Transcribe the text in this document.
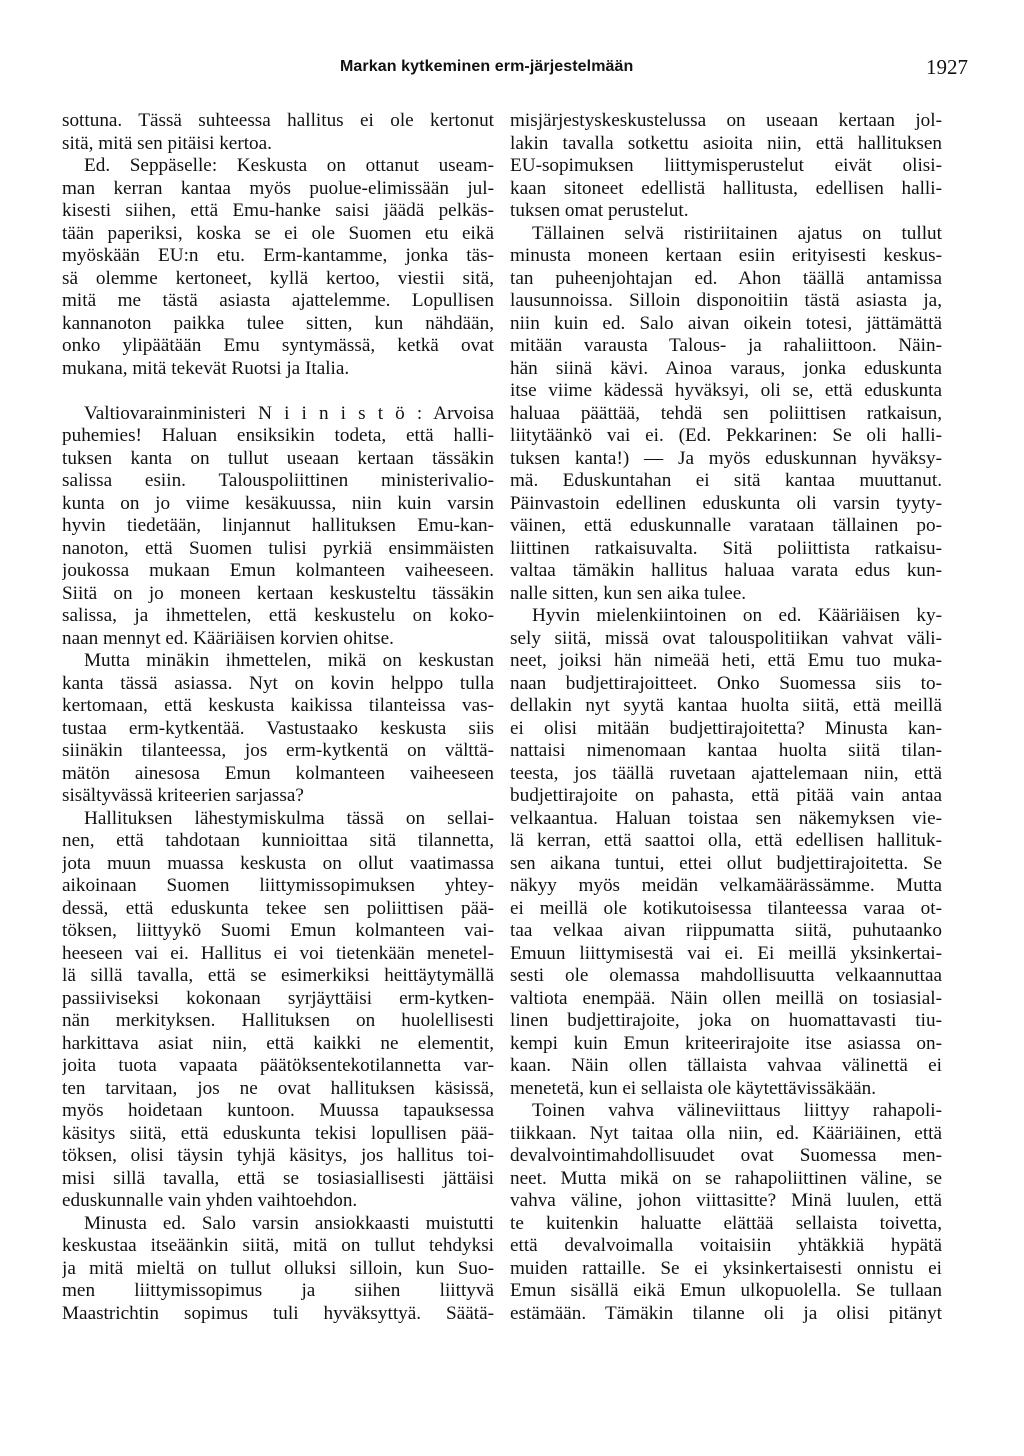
Markan kytkeminen erm-järjestelmään	1927
sottuna. Tässä suhteessa hallitus ei ole kertonut
sitä, mitä sen pitäisi kertoa.
Ed. Seppäselle: Keskusta on ottanut useam-
man kerran kantaa myös puolue-elimissään jul-
kisesti siihen, että Emu-hanke saisi jäädä pelkäs-
tään paperiksi, koska se ei ole Suomen etu eikä
myöskään EU:n etu. Erm-kantamme, jonka täs-
sä olemme kertoneet, kyllä kertoo, viestii sitä,
mitä me tästä asiasta ajattelemme. Lopullisen
kannanoton paikka tulee sitten, kun nähdään,
onko ylipäätään Emu syntymässä, ketkä ovat
mukana, mitä tekevät Ruotsi ja Italia.
Valtiovarainministeri N i i n i s t ö : Arvoisa
puhemies! Haluan ensiksikin todeta, että halli-
tuksen kanta on tullut useaan kertaan tässäkin
salissa esiin. Talouspoliittinen ministerivalio-
kunta on jo viime kesäkuussa, niin kuin varsin
hyvin tiedetään, linjannut hallituksen Emu-kan-
nanoton, että Suomen tulisi pyrkiä ensimmäisten
joukossa mukaan Emun kolmanteen vaiheeseen.
Siitä on jo moneen kertaan keskusteltu tässäkin
salissa, ja ihmettelen, että keskustelu on koko-
naan mennyt ed. Kääriäisen korvien ohitse.
Mutta minäkin ihmettelen, mikä on keskustan
kanta tässä asiassa. Nyt on kovin helppo tulla
kertomaan, että keskusta kaikissa tilanteissa vas-
tustaa erm-kytkentää. Vastustaako keskusta siis
siinäkin tilanteessa, jos erm-kytkentä on välttä-
mätön ainesosa Emun kolmanteen vaiheeseen
sisältyvässä kriteerien sarjassa?
Hallituksen lähestymiskulma tässä on sellai-
nen, että tahdotaan kunnioittaa sitä tilannetta,
jota muun muassa keskusta on ollut vaatimassa
aikoinaan Suomen liittymissopimuksen yhtey-
dessä, että eduskunta tekee sen poliittisen pää-
töksen, liittyykö Suomi Emun kolmanteen vai-
heeseen vai ei. Hallitus ei voi tietenkään menetel-
lä sillä tavalla, että se esimerkiksi heittäytymällä
passiiviseksi kokonaan syrjäyttäisi erm-kytken-
nän merkityksen. Hallituksen on huolellisesti
harkittava asiat niin, että kaikki ne elementit,
joita tuota vapaata päätöksentekotilannetta var-
ten tarvitaan, jos ne ovat hallituksen käsissä,
myös hoidetaan kuntoon. Muussa tapauksessa
käsitys siitä, että eduskunta tekisi lopullisen pää-
töksen, olisi täysin tyhjä käsitys, jos hallitus toi-
misi sillä tavalla, että se tosiasiallisesti jättäisi
eduskunnalle vain yhden vaihtoehdon.
Minusta ed. Salo varsin ansiokkaasti muistutti
keskustaa itseäänkin siitä, mitä on tullut tehdyksi
ja mitä mieltä on tullut olluksi silloin, kun Suo-
men liittymissopimus ja siihen liittyvä
Maastrichtin sopimus tuli hyväksyttyä. Säätä-
misjärjestyskeskustelussa on useaan kertaan jol-
lakin tavalla sotkettu asioita niin, että hallituksen
EU-sopimuksen liittymisperustelut eivät olisi-
kaan sitoneet edellistä hallitusta, edellisen halli-
tuksen omat perustelut.
Tällainen selvä ristiriitainen ajatus on tullut
minusta moneen kertaan esiin erityisesti keskus-
tan puheenjohtajan ed. Ahon täällä antamissa
lausunnoissa. Silloin disponoitiin tästä asiasta ja,
niin kuin ed. Salo aivan oikein totesi, jättämättä
mitään varausta Talous- ja rahaliittoon. Näin-
hän siinä kävi. Ainoa varaus, jonka eduskunta
itse viime kädessä hyväksyi, oli se, että eduskunta
haluaa päättää, tehdä sen poliittisen ratkaisun,
liitytäänkö vai ei. (Ed. Pekkarinen: Se oli halli-
tuksen kanta!) — Ja myös eduskunnan hyväksy-
mä. Eduskuntahan ei sitä kantaa muuttanut.
Päinvastoin edellinen eduskunta oli varsin tyyty-
väinen, että eduskunnalle varataan tällainen po-
liittinen ratkaisuvalta. Sitä poliittista ratkaisu-
valtaa tämäkin hallitus haluaa varata edus kun-
nalle sitten, kun sen aika tulee.
Hyvin mielenkiintoinen on ed. Kääriäisen ky-
sely siitä, missä ovat talouspolitiikan vahvat väli-
neet, joiksi hän nimeää heti, että Emu tuo muka-
naan budjettirajoitteet. Onko Suomessa siis to-
dellakin nyt syytä kantaa huolta siitä, että meillä
ei olisi mitään budjettirajoitetta? Minusta kan-
nattaisi nimenomaan kantaa huolta siitä tilan-
teesta, jos täällä ruvetaan ajattelemaan niin, että
budjettirajoite on pahasta, että pitää vain antaa
velkaantua. Haluan toistaa sen näkemyksen vie-
lä kerran, että saattoi olla, että edellisen hallituk-
sen aikana tuntui, ettei ollut budjettirajoitetta. Se
näkyy myös meidän velkamäärässämme. Mutta
ei meillä ole kotikutoisessa tilanteessa varaa ot-
taa velkaa aivan riippumatta siitä, puhutaanko
Emuun liittymisestä vai ei. Ei meillä yksinkertai-
sesti ole olemassa mahdollisuutta velkaannuttaa
valtiota enempää. Näin ollen meillä on tosiasial-
linen budjettirajoite, joka on huomattavasti tiu-
kempi kuin Emun kriteerirajoite itse asiassa on-
kaan. Näin ollen tällaista vahvaa välinettä ei
menetetä, kun ei sellaista ole käytettävissäkään.
Toinen vahva välineviittaus liittyy rahapoli-
tiikkaan. Nyt taitaa olla niin, ed. Kääriäinen, että
devalvointimahdollisuudet ovat Suomessa men-
neet. Mutta mikä on se rahapoliittinen väline, se
vahva väline, johon viittasitte? Minä luulen, että
te kuitenkin haluatte elättää sellaista toivetta,
että devalvoimalla voitaisiin yhtäkkiä hypätä
muiden rattaille. Se ei yksinkertaisesti onnistu ei
Emun sisällä eikä Emun ulkopuolella. Se tullaan
estämään. Tämäkin tilanne oli ja olisi pitänyt
